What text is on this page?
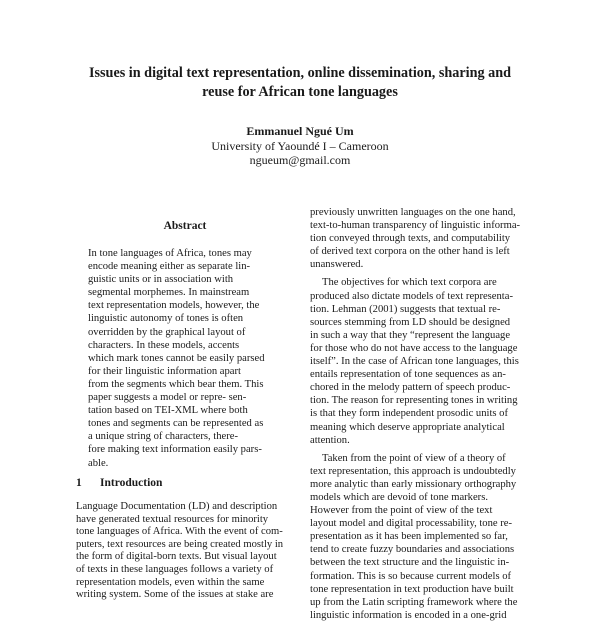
Issues in digital text representation, online dissemination, sharing and
reuse for African tone languages
Emmanuel Ngué Um
University of Yaoundé I – Cameroon
ngueum@gmail.com
Abstract
In tone languages of Africa, tones may
encode meaning either as separate lin-
guistic units or in association with
segmental morphemes. In mainstream
text representation models, however, the
linguistic autonomy of tones is often
overridden by the graphical layout of
characters. In these models, accents
which mark tones cannot be easily parsed
for their linguistic information apart
from the segments which bear them. This
paper suggests a model or repre- sen-
tation based on TEI-XML where both
tones and segments can be represented as
a unique string of characters, there-
fore making text information easily pars-
able.
1 Introduction
Language Documentation (LD) and description
have generated textual resources for minority
tone languages of Africa. With the event of com-
puters, text resources are being created mostly in
the form of digital-born texts. But visual layout
of texts in these languages follows a variety of
representation models, even within the same
writing system. Some of the issues at stake are
previously unwritten languages on the one hand,
text-to-human transparency of linguistic informa-
tion conveyed through texts, and computability
of derived text corpora on the other hand is left
unanswered.
The objectives for which text corpora are
produced also dictate models of text representa-
tion. Lehman (2001) suggests that textual re-
sources stemming from LD should be designed
in such a way that they “represent the language
for those who do not have access to the language
itself”. In the case of African tone languages, this
entails representation of tone sequences as an-
chored in the melody pattern of speech produc-
tion. The reason for representing tones in writing
is that they form independent prosodic units of
meaning which deserve appropriate analytical
attention.
Taken from the point of view of a theory of
text representation, this approach is undoubtedly
more analytic than early missionary orthography
models which are devoid of tone markers.
However from the point of view of the text
layout model and digital processability, tone re-
presentation as it has been implemented so far,
tend to create fuzzy boundaries and associations
between the text structure and the linguistic in-
formation. This is so because current models of
tone representation in text production have built
up from the Latin scripting framework where the
linguistic information is encoded in a one-grid
